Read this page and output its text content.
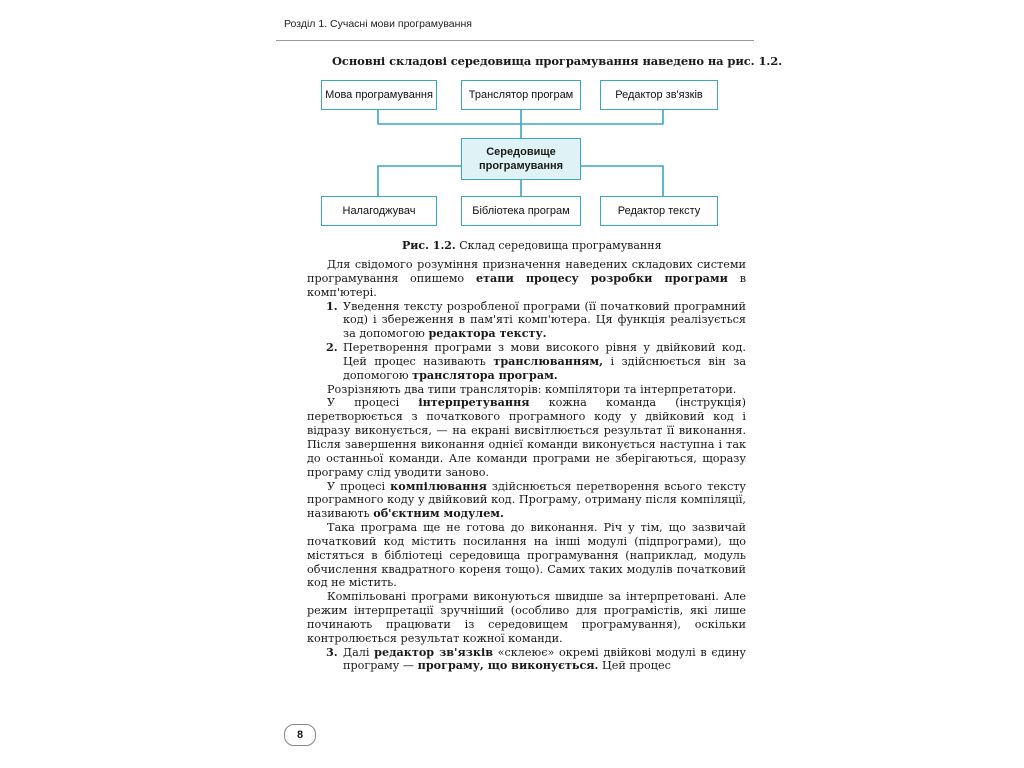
Розділ 1. Сучасні мови програмування
Основні складові середовища програмування наведено на рис. 1.2.
Мова програмування	Транслятор програм	Редактор зв'язків
Середовище
програмування
Налагоджувач	Бібліотека програм	Редактор тексту
Рис. 1.2. Склад середовища програмування

Для свідомого розуміння призначення наведених складових системи програмування опишемо етапи процесу розробки програми в комп'ютері.

1. Уведення тексту розробленої програми (її початковий програмний код) і збереження в пам'яті комп'ютера. Ця функція реалізується за допомогою редактора тексту.
2. Перетворення програми з мови високого рівня у двійковий код. Цей процес називають транслюванням, і здійснюється він за допомогою транслятора програм.

Розрізняють два типи трансляторів: компілятори та інтерпретатори.

У процесі інтерпретування кожна команда (інструкція) перетворюється з початкового програмного коду у двійковий код і відразу виконується, — на екрані висвітлюється результат її виконання. Після завершення виконання однієї команди виконується наступна і так до останньої команди. Але команди програми не зберігаються, щоразу програму слід уводити заново.

У процесі компілювання здійснюється перетворення всього тексту програмного коду у двійковий код. Програму, отриману після компіляції, називають об'єктним модулем.

Така програма ще не готова до виконання. Річ у тім, що зазвичай початковий код містить посилання на інші модулі (підпрограми), що містяться в бібліотеці середовища програмування (наприклад, модуль обчислення квадратного кореня тощо). Самих таких модулів початковий код не містить.

Компільовані програми виконуються швидше за інтерпретовані. Але режим інтерпретації зручніший (особливо для програмістів, які лише починають працювати із середовищем програмування), оскільки контролюється результат кожної команди.

3. Далі редактор зв'язків «склеює» окремі двійкові модулі в єдину програму — програму, що виконується. Цей процес
8
